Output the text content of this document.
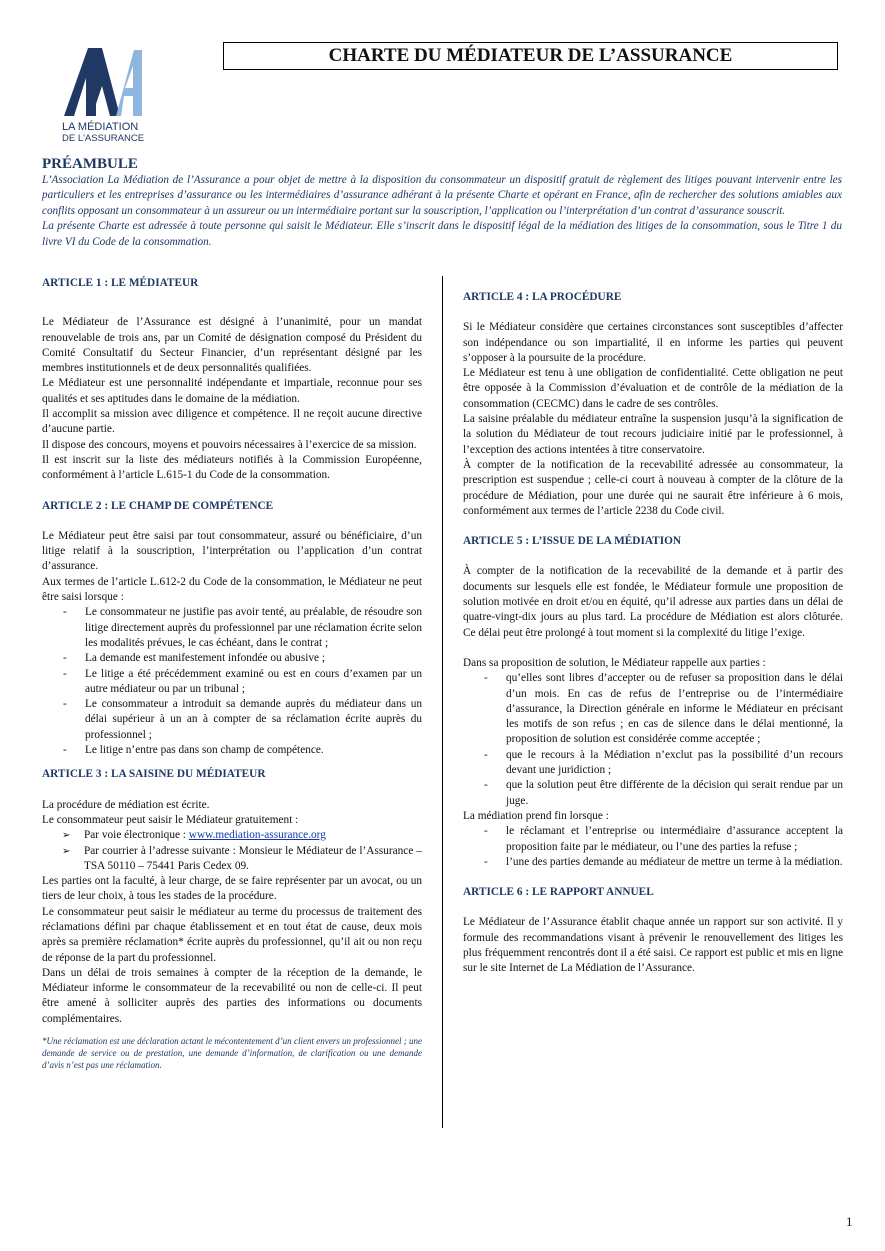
LA MÉDIATION
DE L'ASSURANCE
CHARTE DU MÉDIATEUR DE L’ASSURANCE
PRÉAMBULE

L’Association La Médiation de l’Assurance a pour objet de mettre à la disposition du consommateur un dispositif gratuit de règlement des litiges pouvant intervenir entre les particuliers et les entreprises d’assurance ou les intermédiaires d’assurance adhérant à la présente Charte et opérant en France, afin de rechercher des solutions amiables aux conflits opposant un consommateur à un assureur ou un intermédiaire portant sur la souscription, l’application ou l’interprétation d’un contrat d’assurance souscrit.

La présente Charte est adressée à toute personne qui saisit le Médiateur. Elle s’inscrit dans le dispositif légal de la médiation des litiges de la consommation, sous le Titre 1 du livre VI du Code de la consommation.

ARTICLE 1 : LE MÉDIATEUR

Le Médiateur de l’Assurance est désigné à l’unanimité, pour un mandat renouvelable de trois ans, par un Comité de désignation composé du Président du Comité Consultatif du Secteur Financier, d’un représentant désigné par les membres institutionnels et de deux personnalités qualifiées.

Le Médiateur est une personnalité indépendante et impartiale, reconnue pour ses qualités et ses aptitudes dans le domaine de la médiation.

Il accomplit sa mission avec diligence et compétence. Il ne reçoit aucune directive d’aucune partie.

Il dispose des concours, moyens et pouvoirs nécessaires à l’exercice de sa mission.

Il est inscrit sur la liste des médiateurs notifiés à la Commission Européenne, conformément à l’article L.615-1 du Code de la consommation.

ARTICLE 2 : LE CHAMP DE COMPÉTENCE

Le Médiateur peut être saisi par tout consommateur, assuré ou bénéficiaire, d’un litige relatif à la souscription, l’interprétation ou l’application d’un contrat d’assurance.

Aux termes de l’article L.612-2 du Code de la consommation, le Médiateur ne peut être saisi lorsque :

- Le consommateur ne justifie pas avoir tenté, au préalable, de résoudre son litige directement auprès du professionnel par une réclamation écrite selon les modalités prévues, le cas échéant, dans le contrat ;
- La demande est manifestement infondée ou abusive ;
- Le litige a été précédemment examiné ou est en cours d’examen par un autre médiateur ou par un tribunal ;
- Le consommateur a introduit sa demande auprès du médiateur dans un délai supérieur à un an à compter de sa réclamation écrite auprès du professionnel ;
- Le litige n’entre pas dans son champ de compétence.
ARTICLE 3 : LA SAISINE DU MÉDIATEUR

La procédure de médiation est écrite.

Le consommateur peut saisir le Médiateur gratuitement :

➢ Par voie électronique : www.mediation-assurance.org
➢ Par courrier à l’adresse suivante : Monsieur le Médiateur de l’Assurance – TSA 50110 – 75441 Paris Cedex 09.

Les parties ont la faculté, à leur charge, de se faire représenter par un avocat, ou un tiers de leur choix, à tous les stades de la procédure.

Le consommateur peut saisir le médiateur au terme du processus de traitement des réclamations défini par chaque établissement et en tout état de cause, deux mois après sa première réclamation* écrite auprès du professionnel, qu’il ait ou non reçu de réponse de la part du professionnel.

Dans un délai de trois semaines à compter de la réception de la demande, le Médiateur informe le consommateur de la recevabilité ou non de celle-ci. Il peut être amené à solliciter auprès des parties des informations ou documents complémentaires.

*Une réclamation est une déclaration actant le mécontentement d’un client envers un professionnel ; une demande de service ou de prestation, une demande d’information, de clarification ou une demande d’avis n’est pas une réclamation.

ARTICLE 4 : LA PROCÉDURE

Si le Médiateur considère que certaines circonstances sont susceptibles d’affecter son indépendance ou son impartialité, il en informe les parties qui peuvent s’opposer à la poursuite de la procédure.

Le Médiateur est tenu à une obligation de confidentialité. Cette obligation ne peut être opposée à la Commission d’évaluation et de contrôle de la médiation de la consommation (CECMC) dans le cadre de ses contrôles.

La saisine préalable du médiateur entraîne la suspension jusqu’à la signification de la solution du Médiateur de tout recours judiciaire initié par le professionnel, à l’exception des actions intentées à titre conservatoire.

À compter de la notification de la recevabilité adressée au consommateur, la prescription est suspendue ; celle-ci court à nouveau à compter de la clôture de la procédure de Médiation, pour une durée qui ne saurait être inférieure à 6 mois, conformément aux termes de l’article 2238 du Code civil.

ARTICLE 5 : L’ISSUE DE LA MÉDIATION

À compter de la notification de la recevabilité de la demande et à partir des documents sur lesquels elle est fondée, le Médiateur formule une proposition de solution motivée en droit et/ou en équité, qu’il adresse aux parties dans un délai de quatre-vingt-dix jours au plus tard. La procédure de Médiation est alors clôturée. Ce délai peut être prolongé à tout moment si la complexité du litige l’exige.

Dans sa proposition de solution, le Médiateur rappelle aux parties :

- qu’elles sont libres d’accepter ou de refuser sa proposition dans le délai d’un mois. En cas de refus de l’entreprise ou de l’intermédiaire d’assurance, la Direction générale en informe le Médiateur en précisant les motifs de son refus ; en cas de silence dans le délai mentionné, la proposition de solution est considérée comme acceptée ;
- que le recours à la Médiation n’exclut pas la possibilité d’un recours devant une juridiction ;
- que la solution peut être différente de la décision qui serait rendue par un juge.

La médiation prend fin lorsque :

- le réclamant et l’entreprise ou intermédiaire d’assurance acceptent la proposition faite par le médiateur, ou l’une des parties la refuse ;
- l’une des parties demande au médiateur de mettre un terme à la médiation.
ARTICLE 6 : LE RAPPORT ANNUEL

Le Médiateur de l’Assurance établit chaque année un rapport sur son activité. Il y formule des recommandations visant à prévenir le renouvellement des litiges les plus fréquemment rencontrés dont il a été saisi. Ce rapport est public et mis en ligne sur le site Internet de La Médiation de l’Assurance.

1
